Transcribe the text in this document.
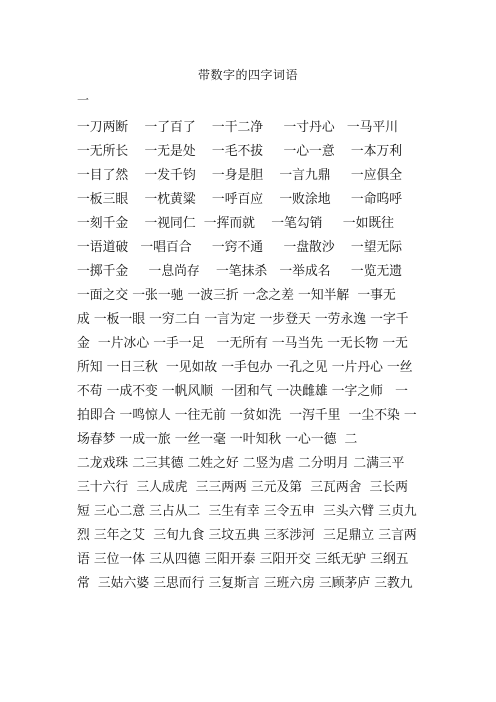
带数字的四字词语
一
一刀两断    一了百了    一干二净     一寸丹心   一马平川
一无所长    一无是处    一毛不拔     一心一意    一本万利
一目了然    一发千钧    一身是胆    一言九鼎     一应俱全
一板三眼    一枕黄粱    一呼百应    一败涂地     一命呜呼
一刻千金    一视同仁  一挥而就    一笔勾销     一如既往
一语道破   一唱百合     一窍不通     一盘散沙    一望无际
一掷千金     一息尚存    一笔抹杀   一举成名     一览无遗
一面之交 一张一驰 一波三折 一念之差 一知半解  一事无
成 一板一眼 一穷二白 一言为定 一步登天 一劳永逸 一字千
金  一片冰心 一手一足   一无所有 一马当先 一无长物 一无
所知 一日三秋  一见如故 一手包办 一孔之见 一片丹心 一丝
不苟 一成不变 一帆风顺  一团和气 一决雌雄 一字之师   一
拍即合 一鸣惊人 一往无前 一贫如洗  一泻千里  一尘不染 一
场春梦 一成一旅 一丝一毫 一叶知秋 一心一德  二
二龙戏珠 二三其德 二姓之好 二竖为虐 二分明月 二满三平
三十六行  三人成虎  三三两两 三元及第  三瓦两舍  三长两
短 三心二意 三占从二  三生有幸 三令五申  三头六臂 三贞九
烈 三年之艾  三旬九食 三坟五典 三豕涉河  三足鼎立 三言两
语 三位一体 三从四德 三阳开泰 三阳开交 三纸无驴 三纲五
常  三姑六婆 三思而行 三复斯言 三班六房 三顾茅庐 三教九
